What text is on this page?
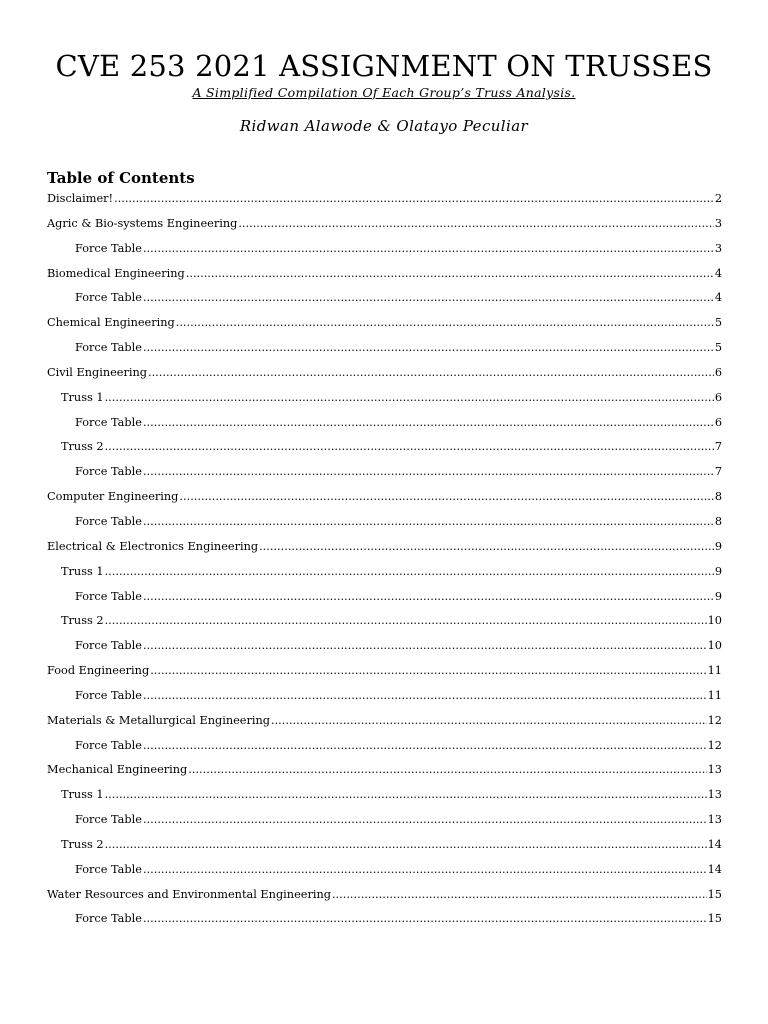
CVE 253 2021 ASSIGNMENT ON TRUSSES
A Simplified Compilation Of Each Group’s Truss Analysis.
Ridwan Alawode & Olatayo Peculiar
Table of Contents
Disclaimer! .....	2
Agric & Bio-systems Engineering .....	3
Force Table .....	3
Biomedical Engineering .....	4
Force Table .....	4
Chemical Engineering .....	5
Force Table .....	5
Civil Engineering .....	6
Truss 1 .....	6
Force Table .....	6
Truss 2 .....	7
Force Table .....	7
Computer Engineering .....	8
Force Table .....	8
Electrical & Electronics Engineering .....	9
Truss 1 .....	9
Force Table .....	9
Truss 2 .....	10
Force Table .....	10
Food Engineering .....	11
Force Table .....	11
Materials & Metallurgical Engineering .....	12
Force Table .....	12
Mechanical Engineering .....	13
Truss 1 .....	13
Force Table .....	13
Truss 2 .....	14
Force Table .....	14
Water Resources and Environmental Engineering .....	15
Force Table .....	15
